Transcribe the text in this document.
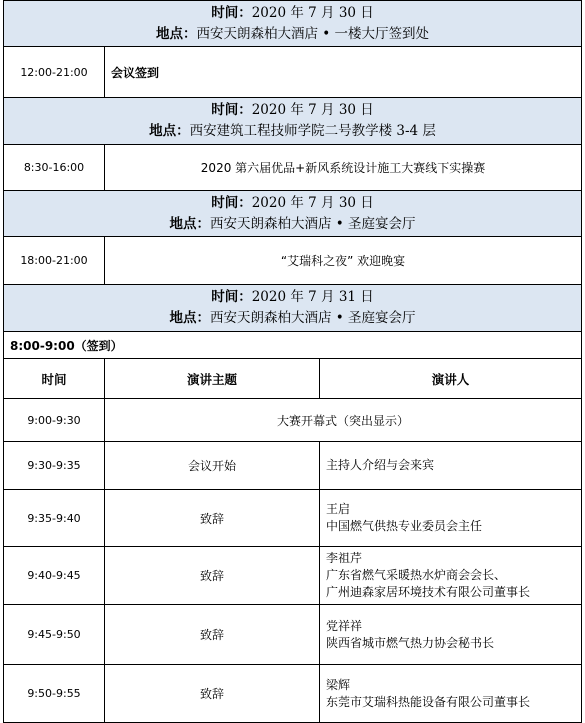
时间：2020 年 7 月 30 日
地点：西安天朗森柏大酒店 • 一楼大厅签到处		

12:00-21:00	会议签到	

时间：2020 年 7 月 30 日
地点：西安建筑工程技师学院二号教学楼 3-4 层		

8:30-16:00	2020 第六届优品+新风系统设计施工大赛线下实操赛	

时间：2020 年 7 月 30 日
地点：西安天朗森柏大酒店 • 圣庭宴会厅		

18:00-21:00	“艾瑞科之夜” 欢迎晚宴	

时间：2020 年 7 月 31 日
地点：西安天朗森柏大酒店 • 圣庭宴会厅		

8:00-9:00（签到）		
时间	演讲主题	演讲人
9:00-9:30	大赛开幕式（突出显示）	
9:30-9:35	会议开始	主持人介绍与会来宾

9:35-9:40	致辞	王启
中国燃气供热专业委员会主任

9:40-9:45	致辞	李祖芹
广东省燃气采暖热水炉商会会长、
广州迪森家居环境技术有限公司董事长

9:45-9:50	致辞	党祥祥
陕西省城市燃气热力协会秘书长

9:50-9:55	致辞	梁辉
东莞市艾瑞科热能设备有限公司董事长
